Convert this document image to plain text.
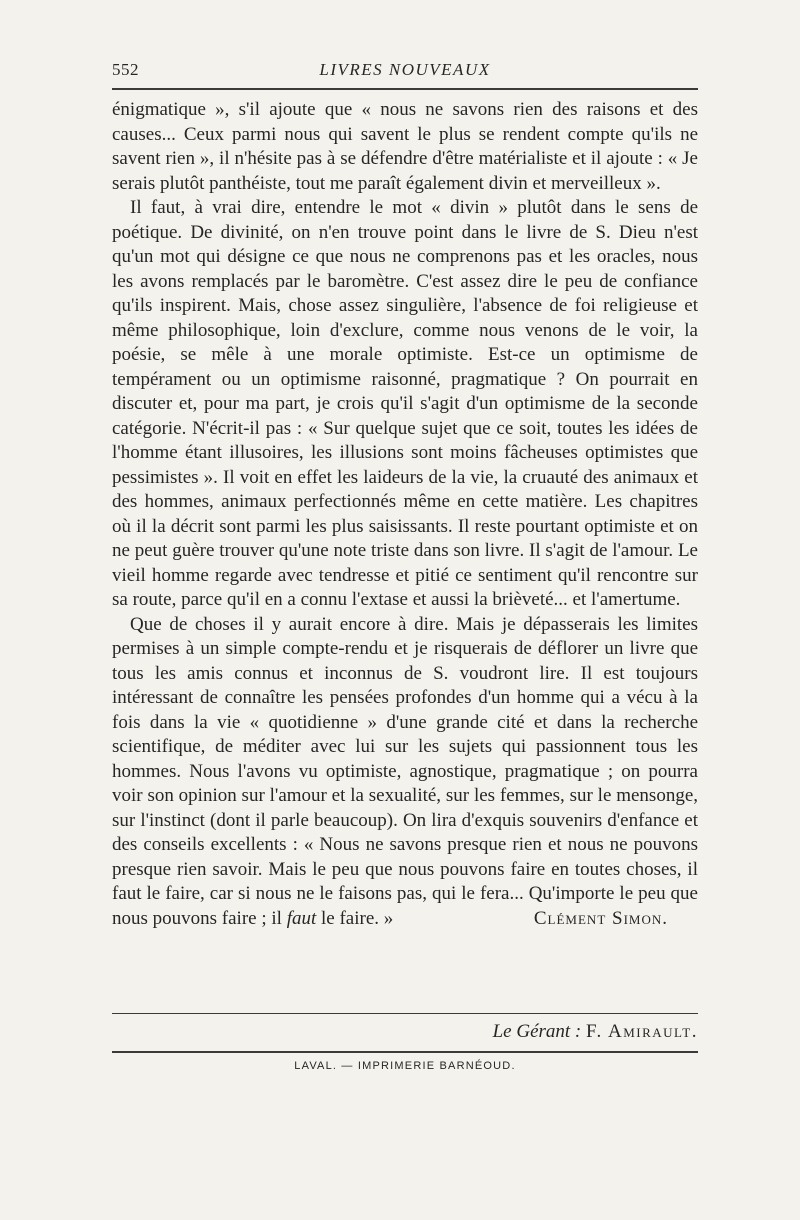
552	LIVRES NOUVEAUX

énigmatique », s'il ajoute que « nous ne savons rien des raisons et des causes... Ceux parmi nous qui savent le plus se rendent compte qu'ils ne savent rien », il n'hésite pas à se défendre d'être matérialiste et il ajoute : « Je serais plutôt panthéiste, tout me paraît également divin et merveilleux ».

Il faut, à vrai dire, entendre le mot « divin » plutôt dans le sens de poétique. De divinité, on n'en trouve point dans le livre de S. Dieu n'est qu'un mot qui désigne ce que nous ne comprenons pas et les oracles, nous les avons remplacés par le baromètre. C'est assez dire le peu de confiance qu'ils inspirent. Mais, chose assez singulière, l'absence de foi religieuse et même philosophique, loin d'exclure, comme nous venons de le voir, la poésie, se mêle à une morale optimiste. Est-ce un optimisme de tempérament ou un optimisme raisonné, pragmatique ? On pourrait en discuter et, pour ma part, je crois qu'il s'agit d'un optimisme de la seconde catégorie. N'écrit-il pas : « Sur quelque sujet que ce soit, toutes les idées de l'homme étant illusoires, les illusions sont moins fâcheuses optimistes que pessimistes ». Il voit en effet les laideurs de la vie, la cruauté des animaux et des hommes, animaux perfectionnés même en cette matière. Les chapitres où il la décrit sont parmi les plus saisissants. Il reste pourtant optimiste et on ne peut guère trouver qu'une note triste dans son livre. Il s'agit de l'amour. Le vieil homme regarde avec tendresse et pitié ce sentiment qu'il rencontre sur sa route, parce qu'il en a connu l'extase et aussi la brièveté... et l'amertume.

Que de choses il y aurait encore à dire. Mais je dépasserais les limites permises à un simple compte-rendu et je risquerais de déflorer un livre que tous les amis connus et inconnus de S. voudront lire. Il est toujours intéressant de connaître les pensées profondes d'un homme qui a vécu à la fois dans la vie « quotidienne » d'une grande cité et dans la recherche scientifique, de méditer avec lui sur les sujets qui passionnent tous les hommes. Nous l'avons vu optimiste, agnostique, pragmatique ; on pourra voir son opinion sur l'amour et la sexualité, sur les femmes, sur le mensonge, sur l'instinct (dont il parle beaucoup). On lira d'exquis souvenirs d'enfance et des conseils excellents : « Nous ne savons presque rien et nous ne pouvons presque rien savoir. Mais le peu que nous pouvons faire en toutes choses, il faut le faire, car si nous ne le faisons pas, qui le fera... Qu'importe le peu que nous pouvons faire ; il faut le faire. »	Clément Simon.

Le Gérant : F. Amirault.
LAVAL. — IMPRIMERIE BARNÉOUD.
